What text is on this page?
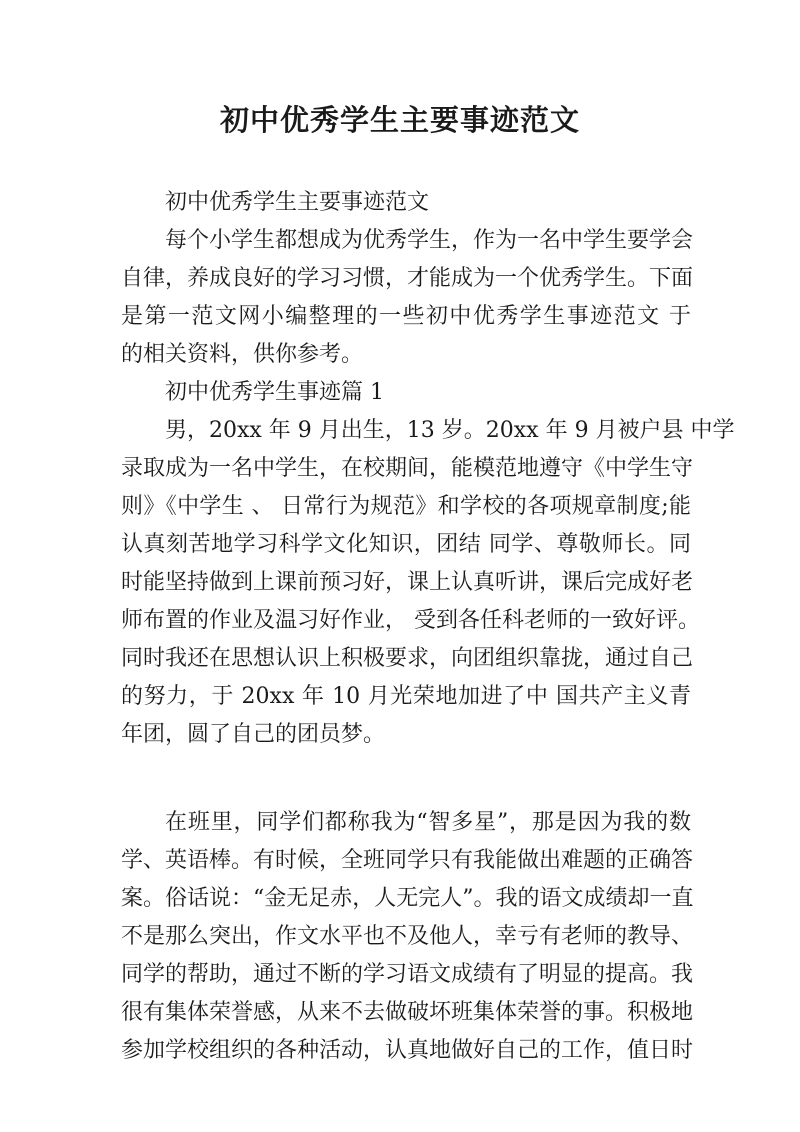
初中优秀学生主要事迹范文
初中优秀学生主要事迹范文
每个小学生都想成为优秀学生，作为一名中学生要学会
自律，养成良好的学习习惯，才能成为一个优秀学生。下面
是第一范文网小编整理的一些初中优秀学生事迹范文 于
的相关资料，供你参考。
初中优秀学生事迹篇 1
男，20xx 年 9 月出生，13 岁。20xx 年 9 月被户县 中学
录取成为一名中学生，在校期间，能模范地遵守《中学生守
则》《中学生 、 日常行为规范》和学校的各项规章制度;能
认真刻苦地学习科学文化知识，团结 同学、尊敬师长。同
时能坚持做到上课前预习好，课上认真听讲，课后完成好老
师布置的作业及温习好作业， 受到各任科老师的一致好评。
同时我还在思想认识上积极要求，向团组织靠拢，通过自己
的努力，于 20xx 年 10 月光荣地加进了中 国共产主义青
年团，圆了自己的团员梦。
在班里，同学们都称我为“智多星”，那是因为我的数
学、英语棒。有时候，全班同学只有我能做出难题的正确答
案。俗话说：“金无足赤，人无完人”。我的语文成绩却一直
不是那么突出，作文水平也不及他人，幸亏有老师的教导、
同学的帮助，通过不断的学习语文成绩有了明显的提高。我
很有集体荣誉感，从来不去做破坏班集体荣誉的事。积极地
参加学校组织的各种活动，认真地做好自己的工作，值日时
